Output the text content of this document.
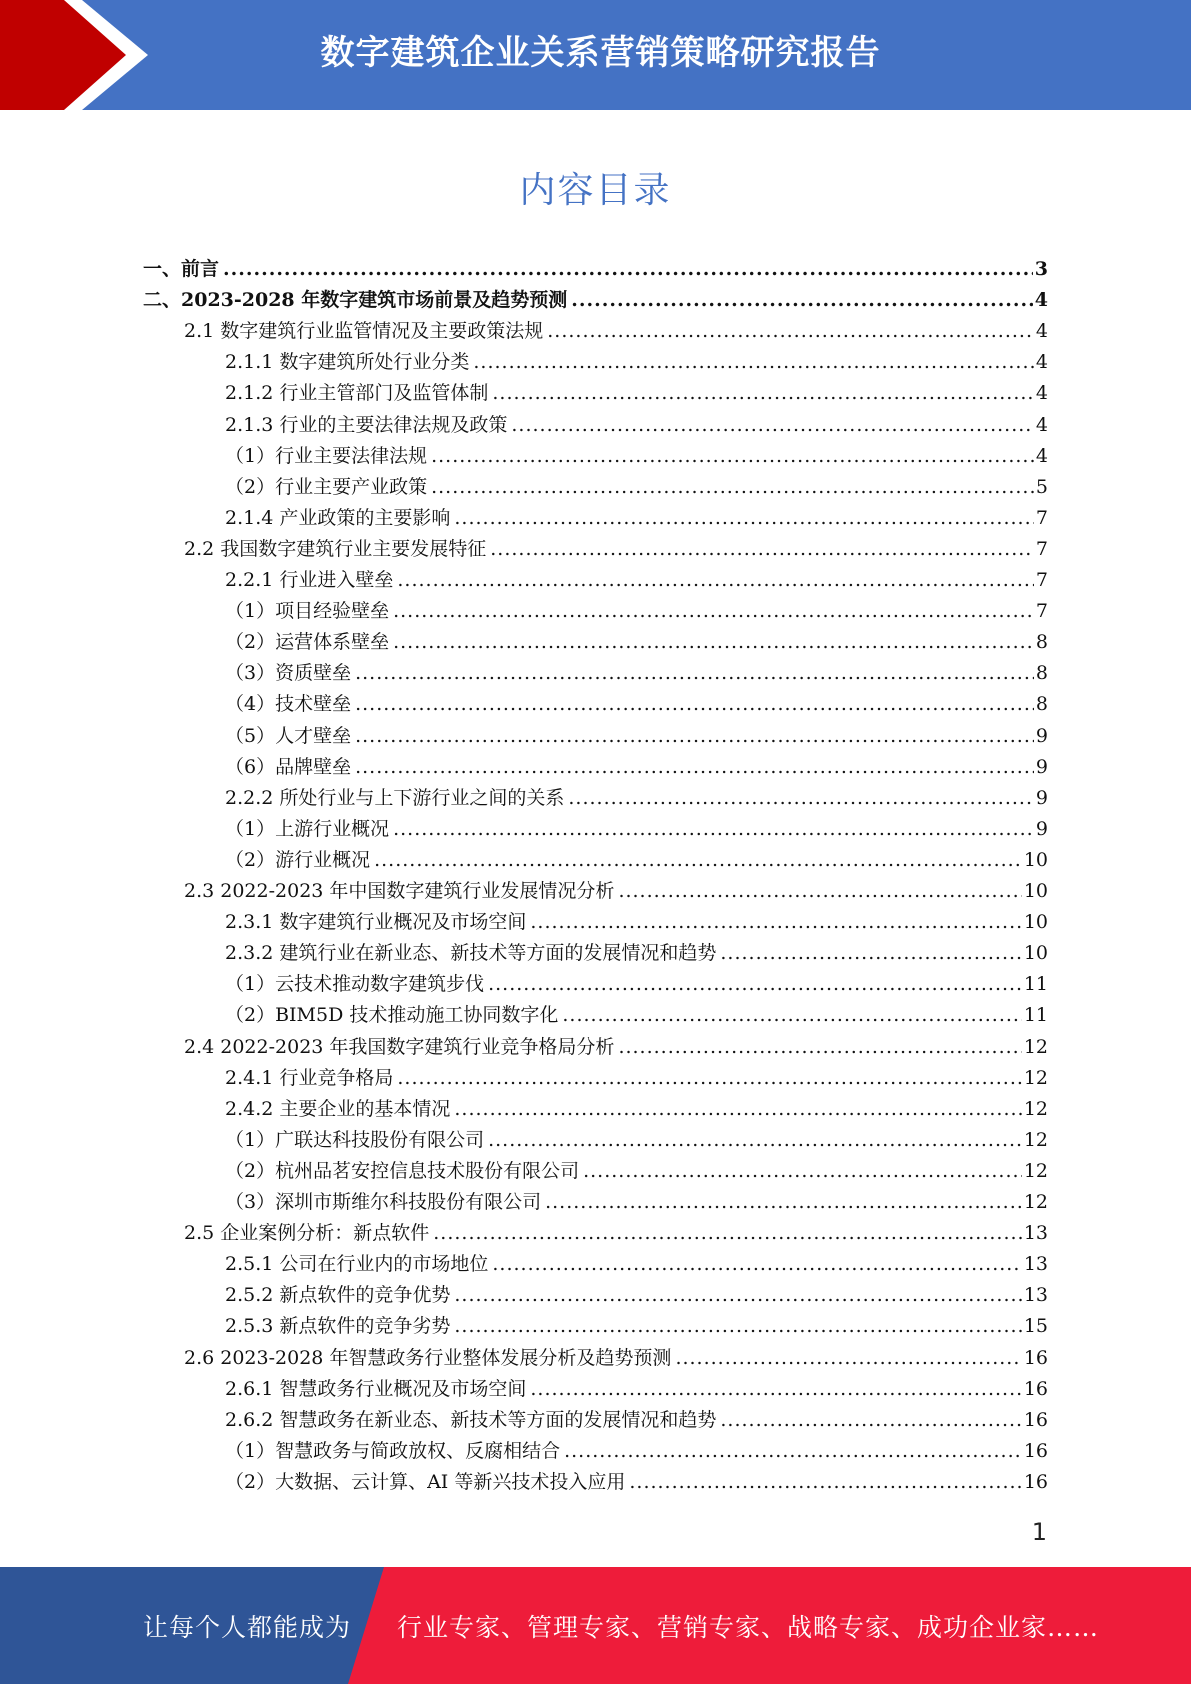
数字建筑企业关系营销策略研究报告
内容目录
一、前言 .....	3
二、2023-2028 年数字建筑市场前景及趋势预测 .....	4
2.1 数字建筑行业监管情况及主要政策法规 .....	4
2.1.1 数字建筑所处行业分类 .....	4
2.1.2 行业主管部门及监管体制 .....	4
2.1.3 行业的主要法律法规及政策 .....	4
（1）行业主要法律法规 .....	4
（2）行业主要产业政策 .....	5
2.1.4 产业政策的主要影响 .....	7
2.2 我国数字建筑行业主要发展特征 .....	7
2.2.1 行业进入壁垒 .....	7
（1）项目经验壁垒 .....	7
（2）运营体系壁垒 .....	8
（3）资质壁垒 .....	8
（4）技术壁垒 .....	8
（5）人才壁垒 .....	9
（6）品牌壁垒 .....	9
2.2.2 所处行业与上下游行业之间的关系 .....	9
（1）上游行业概况 .....	9
（2）游行业概况 .....	10
2.3 2022-2023 年中国数字建筑行业发展情况分析 .....	10
2.3.1 数字建筑行业概况及市场空间 .....	10
2.3.2 建筑行业在新业态、新技术等方面的发展情况和趋势 .....	10
（1）云技术推动数字建筑步伐 .....	11
（2）BIM5D 技术推动施工协同数字化 .....	11
2.4 2022-2023 年我国数字建筑行业竞争格局分析 .....	12
2.4.1 行业竞争格局 .....	12
2.4.2 主要企业的基本情况 .....	12
（1）广联达科技股份有限公司 .....	12
（2）杭州品茗安控信息技术股份有限公司 .....	12
（3）深圳市斯维尔科技股份有限公司 .....	12
2.5 企业案例分析：新点软件 .....	13
2.5.1 公司在行业内的市场地位 .....	13
2.5.2 新点软件的竞争优势 .....	13
2.5.3 新点软件的竞争劣势 .....	15
2.6 2023-2028 年智慧政务行业整体发展分析及趋势预测 .....	16
2.6.1 智慧政务行业概况及市场空间 .....	16
2.6.2 智慧政务在新业态、新技术等方面的发展情况和趋势 .....	16
（1）智慧政务与简政放权、反腐相结合 .....	16
（2）大数据、云计算、AI 等新兴技术投入应用 .....	16
1
让每个人都能成为 行业专家、管理专家、营销专家、战略专家、成功企业家……
